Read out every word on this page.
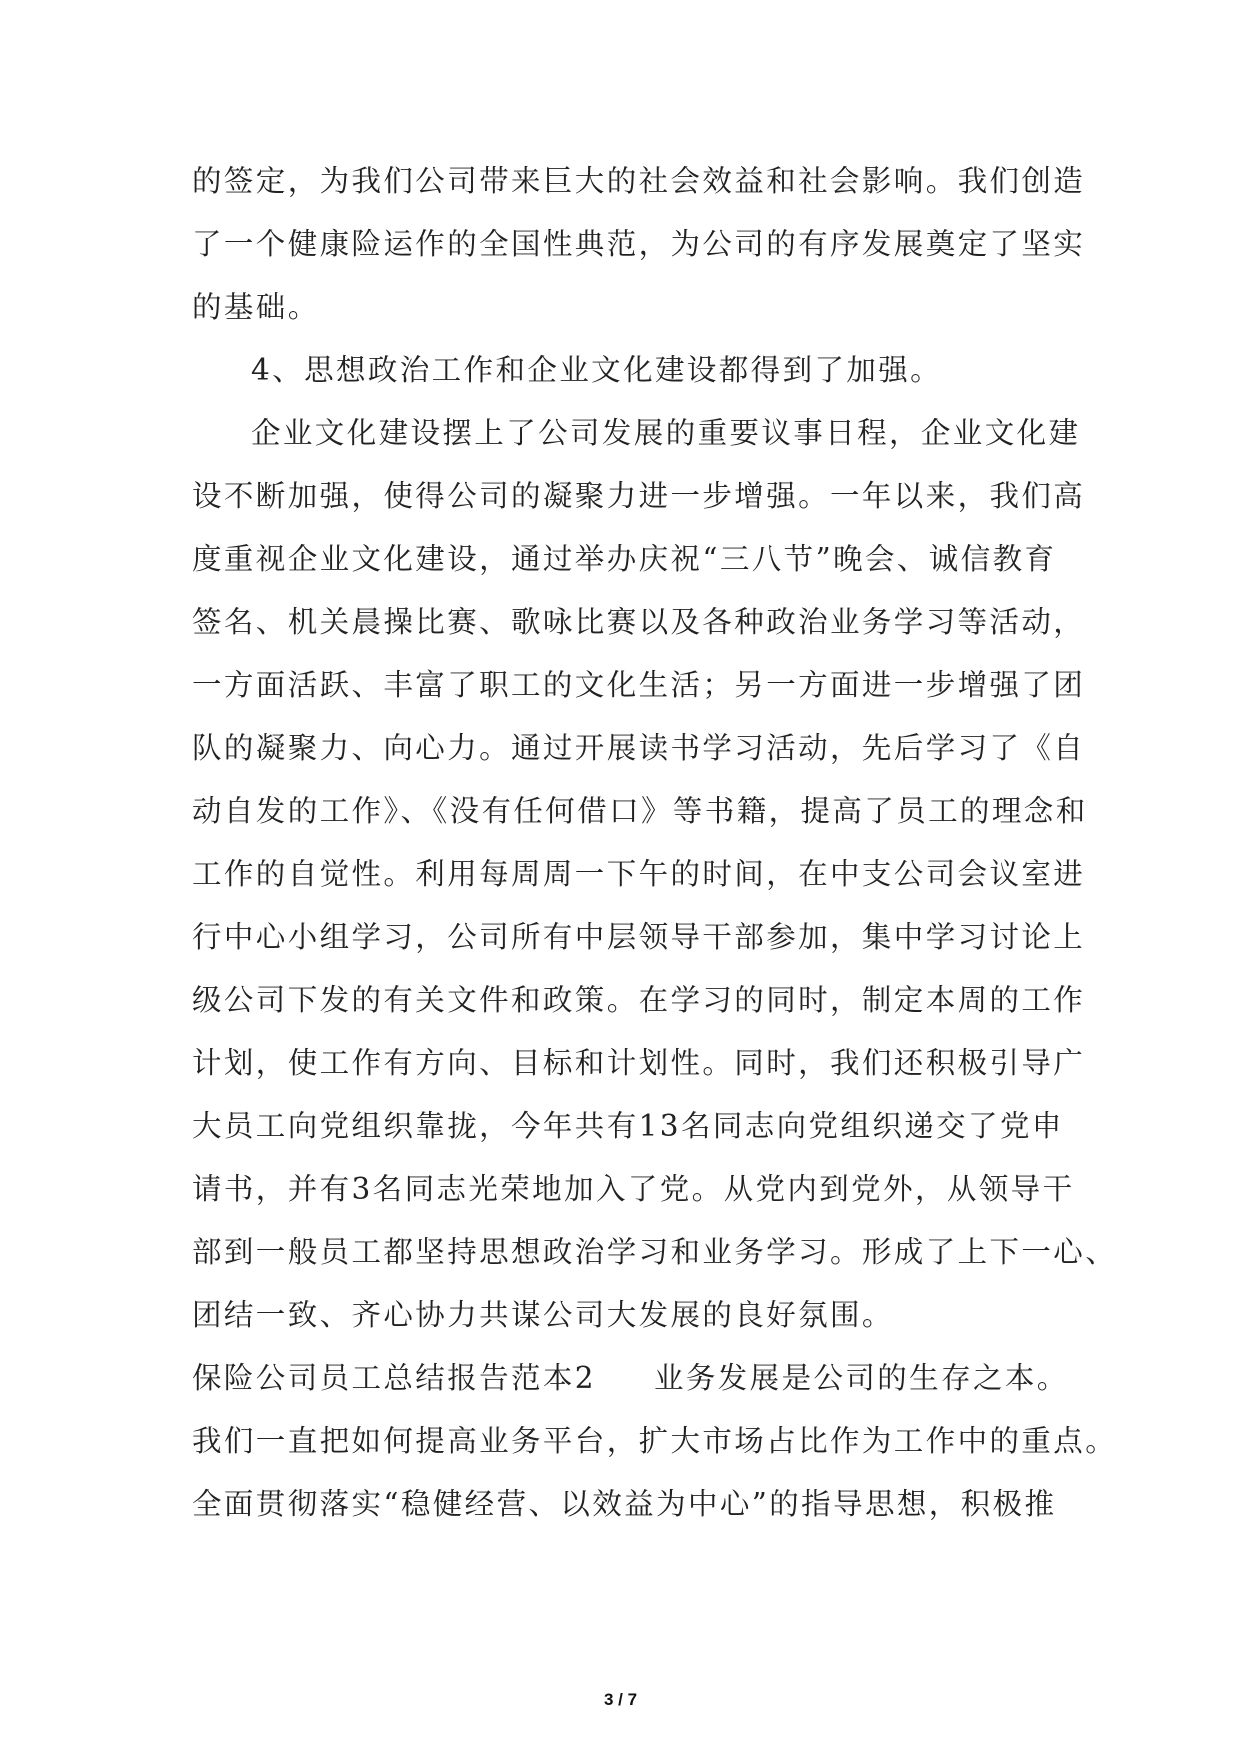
的签定，为我们公司带来巨大的社会效益和社会影响。我们创造
了一个健康险运作的全国性典范，为公司的有序发展奠定了坚实
的基础。
4、思想政治工作和企业文化建设都得到了加强。
企业文化建设摆上了公司发展的重要议事日程，企业文化建
设不断加强，使得公司的凝聚力进一步增强。一年以来，我们高
度重视企业文化建设，通过举办庆祝“三八节”晚会、诚信教育
签名、机关晨操比赛、歌咏比赛以及各种政治业务学习等活动，
一方面活跃、丰富了职工的文化生活；另一方面进一步增强了团
队的凝聚力、向心力。通过开展读书学习活动，先后学习了《自
动自发的工作》、《没有任何借口》等书籍，提高了员工的理念和
工作的自觉性。利用每周周一下午的时间，在中支公司会议室进
行中心小组学习，公司所有中层领导干部参加，集中学习讨论上
级公司下发的有关文件和政策。在学习的同时，制定本周的工作
计划，使工作有方向、目标和计划性。同时，我们还积极引导广
大员工向党组织靠拢，今年共有13名同志向党组织递交了党申
请书，并有3名同志光荣地加入了党。从党内到党外，从领导干
部到一般员工都坚持思想政治学习和业务学习。形成了上下一心、
团结一致、齐心协力共谋公司大发展的良好氛围。
保险公司员工总结报告范本2 业务发展是公司的生存之本。
我们一直把如何提高业务平台，扩大市场占比作为工作中的重点。
全面贯彻落实“稳健经营、以效益为中心”的指导思想，积极推
3 / 7
